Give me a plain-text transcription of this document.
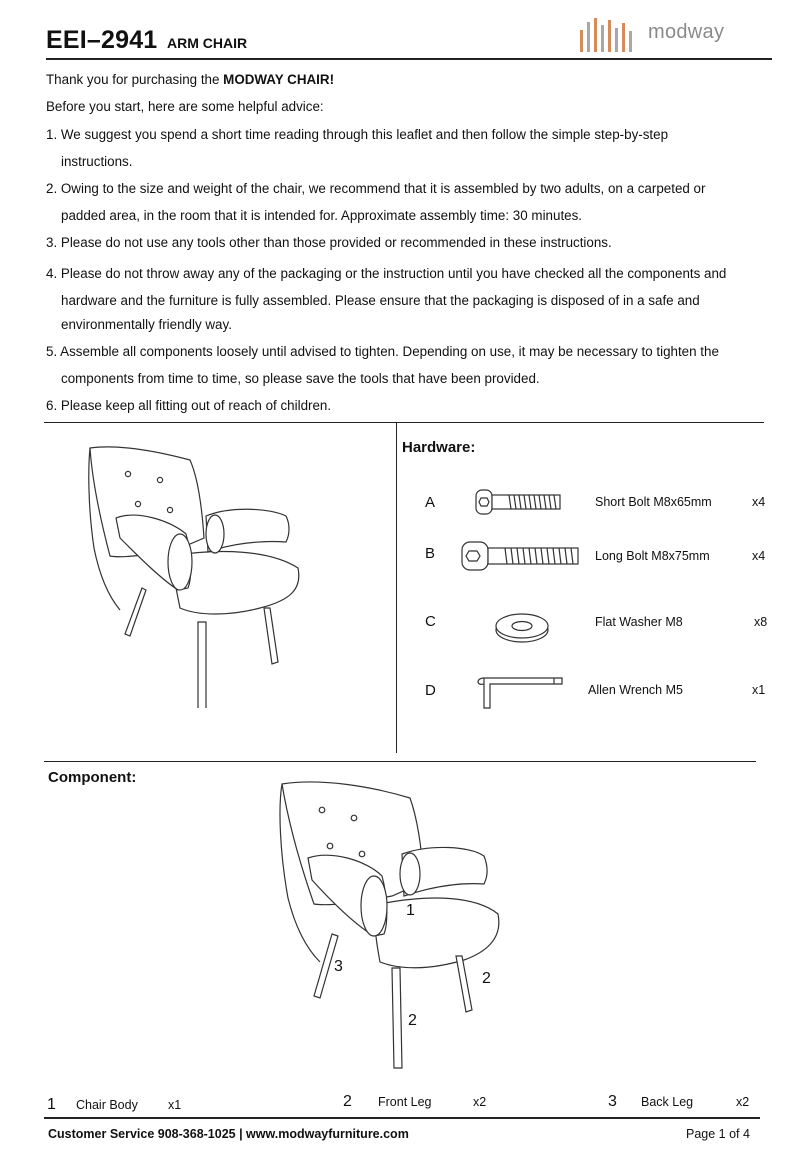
EEI–2941 ARM CHAIR	modway
Thank you for purchasing the MODWAY CHAIR!
Before you start, here are some helpful advice:
1. We suggest you spend a short time reading through this leaflet and then follow the simple step-by-step
instructions.
2. Owing to the size and weight of the chair, we recommend that it is assembled by two adults, on a carpeted or
padded area, in the room that it is intended for. Approximate assembly time: 30 minutes.
3. Please do not use any tools other than those provided or recommended in these instructions.
4. Please do not throw away any of the packaging or the instruction until you have checked all the components and
hardware and the furniture is fully assembled. Please ensure that the packaging is disposed of in a safe and
environmentally friendly way.
5. Assemble all components loosely until advised to tighten. Depending on use, it may be necessary to tighten the
components from time to time, so please save the tools that have been provided.
6. Please keep all fitting out of reach of children.
Hardware:
A	Short Bolt M8x65mm	x4
B	Long Bolt M8x75mm	x4
C	Flat Washer M8	x8
D	Allen Wrench M5	x1
Component:
1
3
2
2
1 Chair Body x1	2 Front Leg	x2	3 Back Leg	x2
Customer Service 908-368-1025 | www.modwayfurniture.com	Page 1 of 4
